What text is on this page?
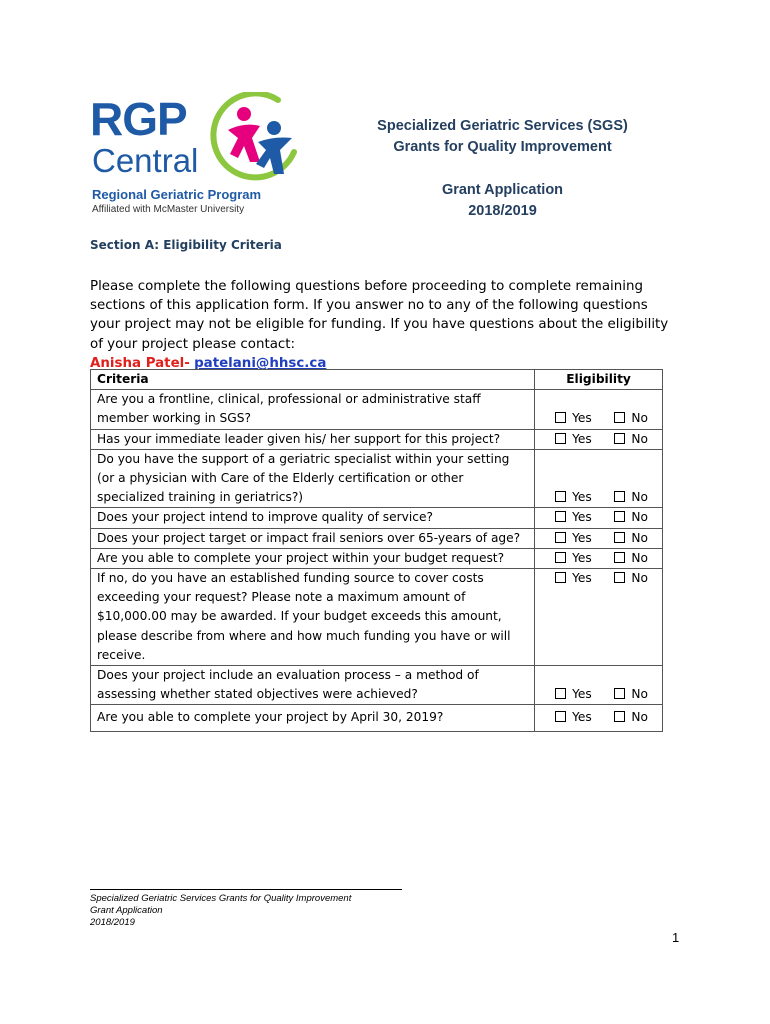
RGP
Central
Regional Geriatric Program
Affiliated with McMaster University
Specialized Geriatric Services (SGS)
Grants for Quality Improvement
Grant Application
2018/2019
Section A: Eligibility Criteria
Please complete the following questions before proceeding to complete remaining sections of this application form. If you answer no to any of the following questions your project may not be eligible for funding. If you have questions about the eligibility of your project please contact:
Anisha Patel- patelani@hhsc.ca
Criteria	Eligibility
Are you a frontline, clinical, professional or administrative staff member working in SGS?	Yes No

Has your immediate leader given his/ her support for this project?	Yes No

Do you have the support of a geriatric specialist within your setting (or a physician with Care of the Elderly certification or other specialized training in geriatrics?)	Yes No

Does your project intend to improve quality of service?	Yes No

Does your project target or impact frail seniors over 65-years of age?	Yes No

Are you able to complete your project within your budget request?	Yes No

If no, do you have an established funding source to cover costs exceeding your request? Please note a maximum amount of $10,000.00 may be awarded. If your budget exceeds this amount, please describe from where and how much funding you have or will receive.	Yes No

Does your project include an evaluation process – a method of assessing whether stated objectives were achieved?	Yes No

Are you able to complete your project by April 30, 2019?	Yes No
Specialized Geriatric Services Grants for Quality Improvement
Grant Application
2018/2019
1
